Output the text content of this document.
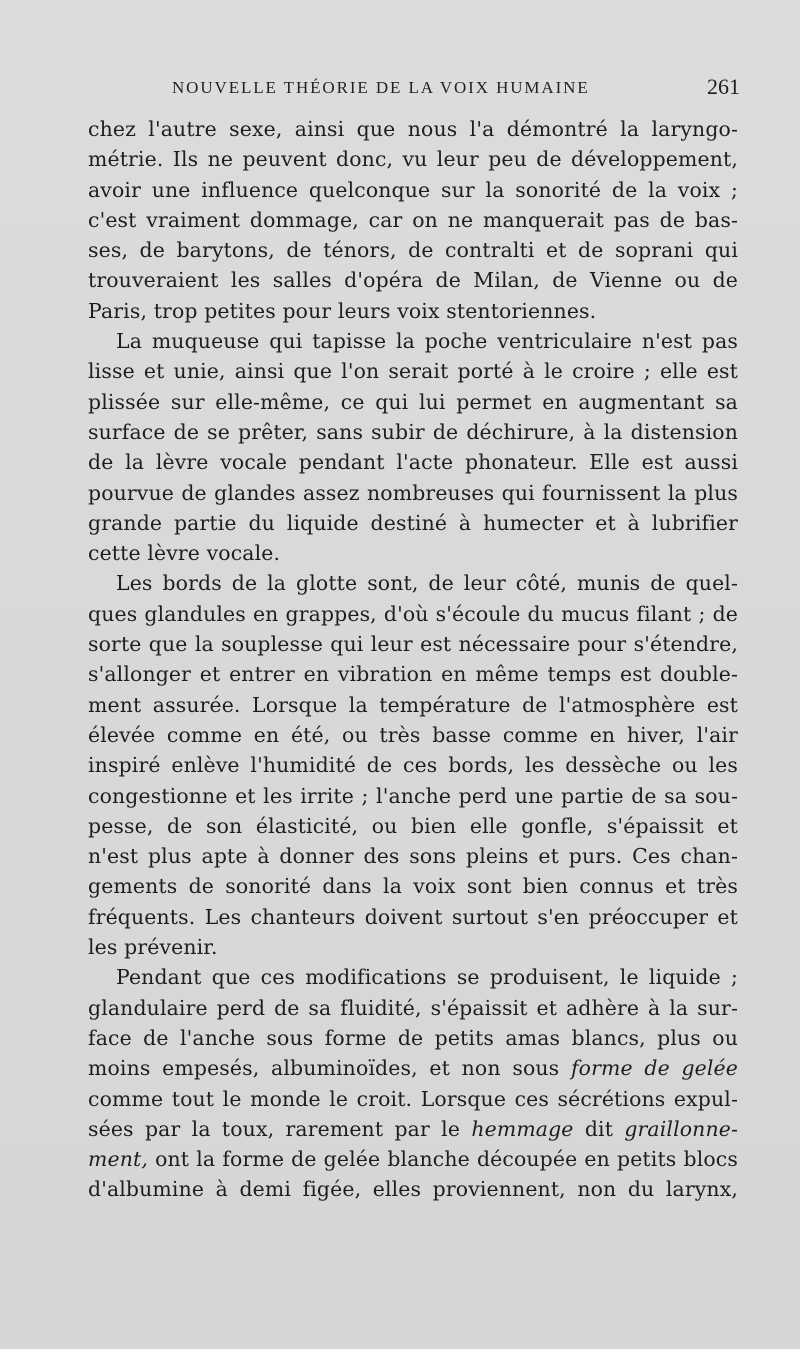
NOUVELLE THÉORIE DE LA VOIX HUMAINE	261
chez l'autre sexe, ainsi que nous l'a démontré la laryngo-
métrie. Ils ne peuvent donc, vu leur peu de développement,
avoir une influence quelconque sur la sonorité de la voix ;
c'est vraiment dommage, car on ne manquerait pas de bas-
ses, de barytons, de ténors, de contralti et de soprani qui
trouveraient les salles d'opéra de Milan, de Vienne ou de
Paris, trop petites pour leurs voix stentoriennes.
La muqueuse qui tapisse la poche ventriculaire n'est pas
lisse et unie, ainsi que l'on serait porté à le croire ; elle est
plissée sur elle-même, ce qui lui permet en augmentant sa
surface de se prêter, sans subir de déchirure, à la distension
de la lèvre vocale pendant l'acte phonateur. Elle est aussi
pourvue de glandes assez nombreuses qui fournissent la plus
grande partie du liquide destiné à humecter et à lubrifier
cette lèvre vocale.
Les bords de la glotte sont, de leur côté, munis de quel-
ques glandules en grappes, d'où s'écoule du mucus filant ; de
sorte que la souplesse qui leur est nécessaire pour s'étendre,
s'allonger et entrer en vibration en même temps est double-
ment assurée. Lorsque la température de l'atmosphère est
élevée comme en été, ou très basse comme en hiver, l'air
inspiré enlève l'humidité de ces bords, les dessèche ou les
congestionne et les irrite ; l'anche perd une partie de sa sou-
pesse, de son élasticité, ou bien elle gonfle, s'épaissit et
n'est plus apte à donner des sons pleins et purs. Ces chan-
gements de sonorité dans la voix sont bien connus et très
fréquents. Les chanteurs doivent surtout s'en préoccuper et
les prévenir.
Pendant que ces modifications se produisent, le liquide ;
glandulaire perd de sa fluidité, s'épaissit et adhère à la sur-
face de l'anche sous forme de petits amas blancs, plus ou
moins empesés, albuminoïdes, et non sous forme de gelée
comme tout le monde le croit. Lorsque ces sécrétions expul-
sées par la toux, rarement par le hemmage dit graillonne-
ment, ont la forme de gelée blanche découpée en petits blocs
d'albumine à demi figée, elles proviennent, non du larynx,
